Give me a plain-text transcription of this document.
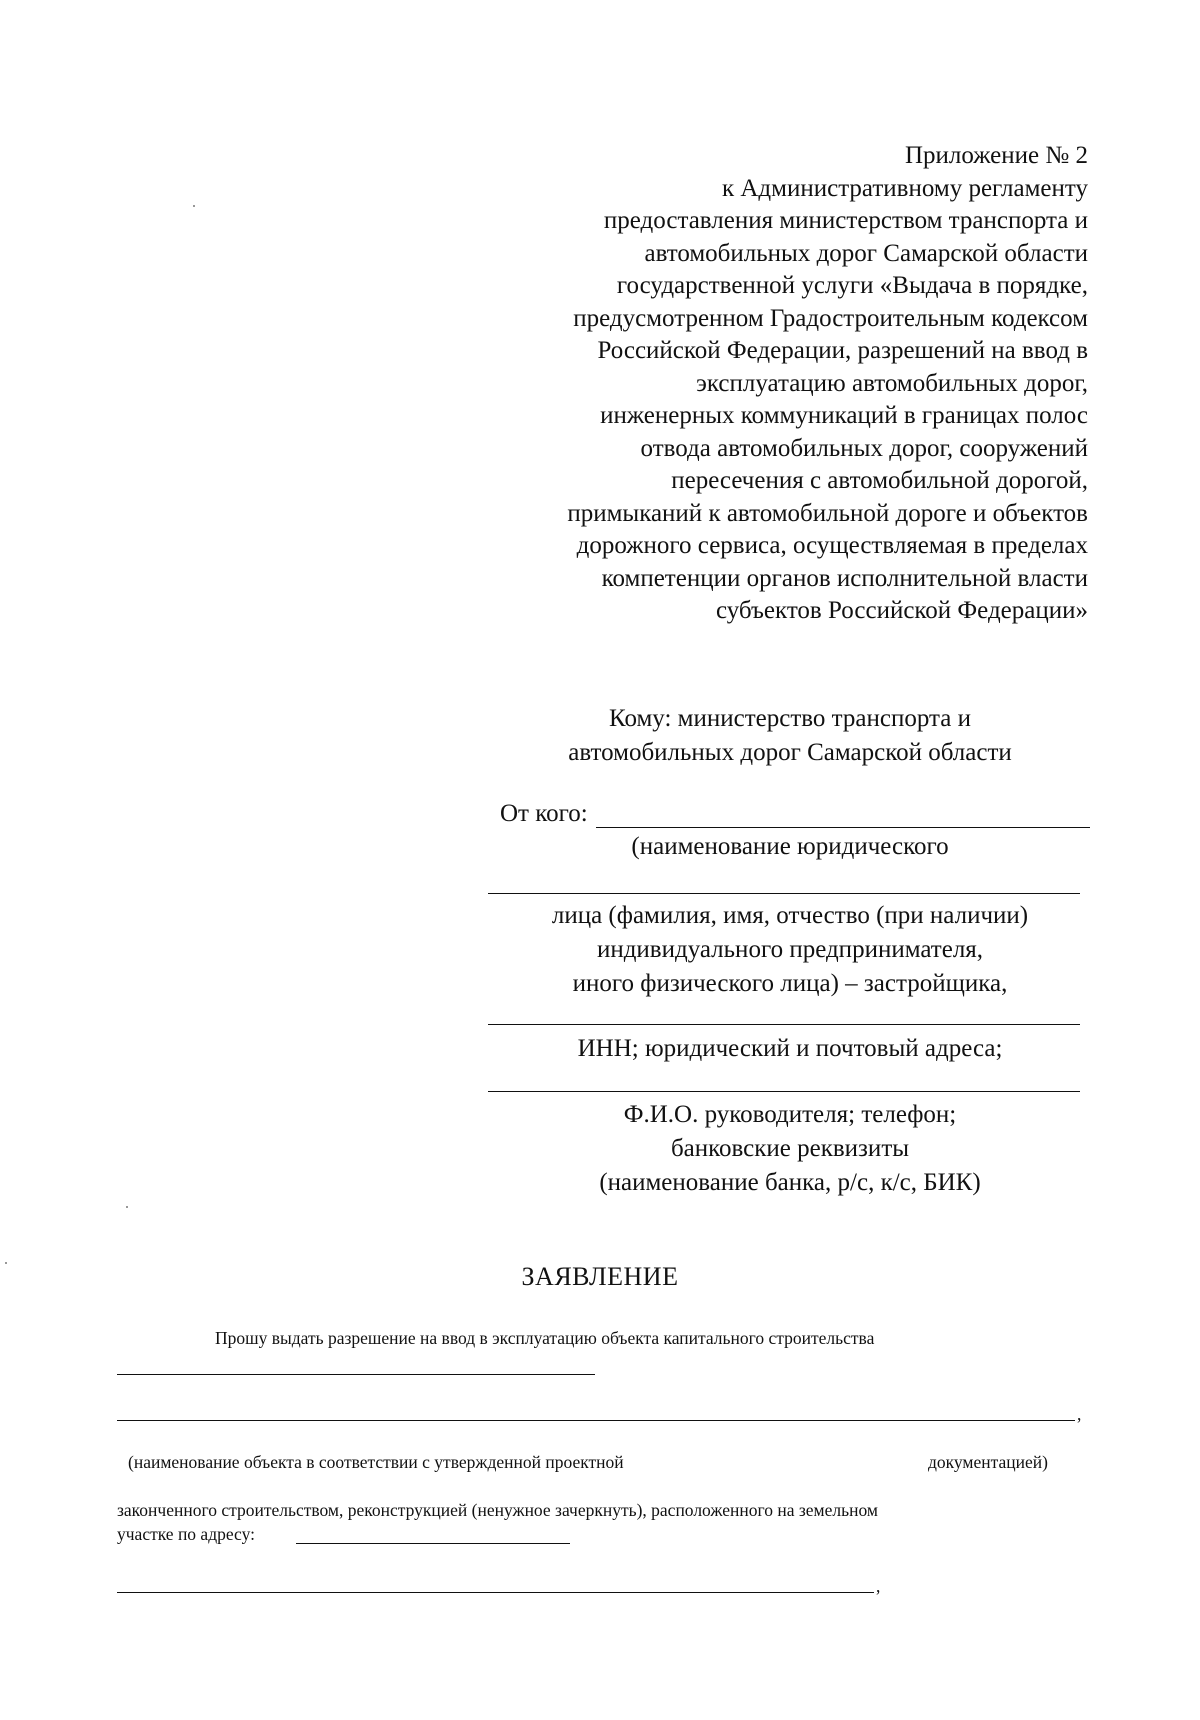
Приложение № 2
к Административному регламенту
предоставления министерством транспорта и
автомобильных дорог Самарской области
государственной услуги «Выдача в порядке,
предусмотренном Градостроительным кодексом
Российской Федерации, разрешений на ввод в
эксплуатацию автомобильных дорог,
инженерных коммуникаций в границах полос
отвода автомобильных дорог, сооружений
пересечения с автомобильной дорогой,
примыканий к автомобильной дороге и объектов
дорожного сервиса, осуществляемая в пределах
компетенции органов исполнительной власти
субъектов Российской Федерации»
Кому: министерство транспорта и
автомобильных дорог Самарской области
От кого:
(наименование юридического
лица (фамилия, имя, отчество (при наличии)
индивидуального предпринимателя,
иного физического лица) – застройщика,
ИНН; юридический и почтовый адреса;
Ф.И.О. руководителя; телефон;
банковские реквизиты
(наименование банка, р/с, к/с, БИК)
ЗАЯВЛЕНИЕ
Прошу выдать разрешение на ввод в эксплуатацию объекта капитального строительства
,
(наименование объекта в соответствии с утвержденной проектной	документацией)
законченного строительством, реконструкцией (ненужное зачеркнуть), расположенного на земельном
участке по адресу:
,
